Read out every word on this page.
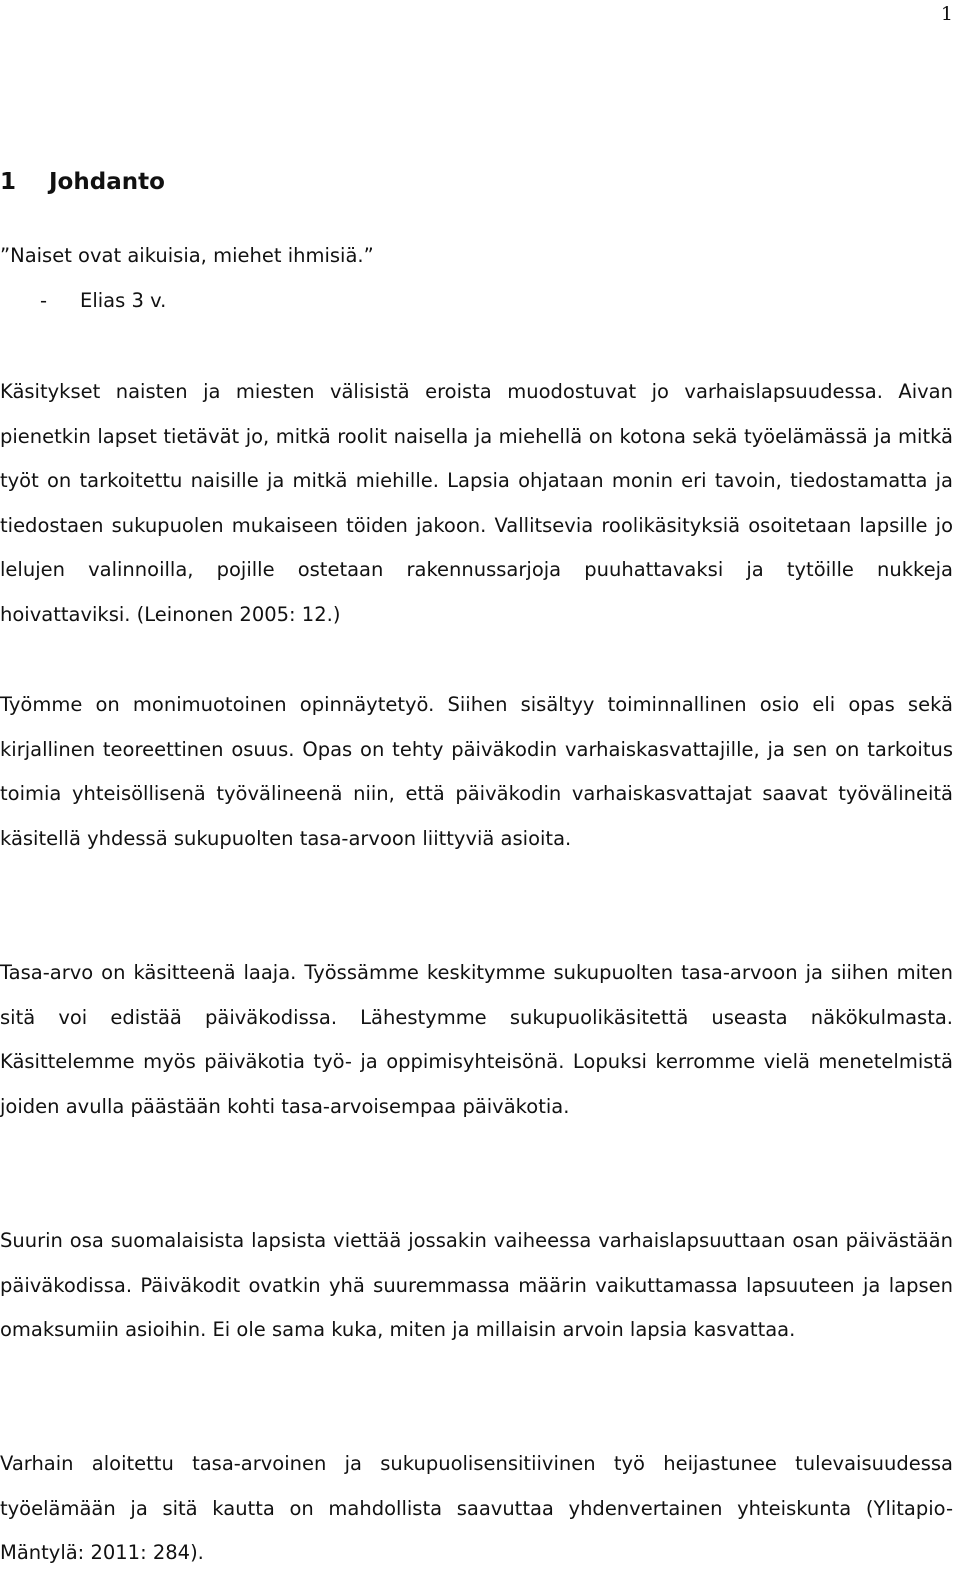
1
1 Johdanto
”Naiset ovat aikuisia, miehet ihmisiä.”
- Elias 3 v.

Käsitykset naisten ja miesten välisistä eroista muodostuvat jo varhaislapsuudessa. Aivan pienetkin lapset tietävät jo, mitkä roolit naisella ja miehellä on kotona sekä työelämässä ja mitkä työt on tarkoitettu naisille ja mitkä miehille. Lapsia ohjataan monin eri tavoin, tiedostamatta ja tiedostaen sukupuolen mukaiseen töiden jakoon. Vallitsevia roolikäsityksiä osoitetaan lapsille jo lelujen valinnoilla, pojille ostetaan rakennussarjoja puuhattavaksi ja tytöille nukkeja hoivattaviksi. (Leinonen 2005: 12.)

Työmme on monimuotoinen opinnäytetyö. Siihen sisältyy toiminnallinen osio eli opas sekä kirjallinen teoreettinen osuus. Opas on tehty päiväkodin varhaiskasvattajille, ja sen on tarkoitus toimia yhteisöllisenä työvälineenä niin, että päiväkodin varhaiskasvattajat saavat työvälineitä käsitellä yhdessä sukupuolten tasa-arvoon liittyviä asioita.

Tasa-arvo on käsitteenä laaja. Työssämme keskitymme sukupuolten tasa-arvoon ja siihen miten sitä voi edistää päiväkodissa. Lähestymme sukupuolikäsitettä useasta näkökulmasta. Käsittelemme myös päiväkotia työ- ja oppimisyhteisönä. Lopuksi kerromme vielä menetelmistä joiden avulla päästään kohti tasa-arvoisempaa päiväkotia.

Suurin osa suomalaisista lapsista viettää jossakin vaiheessa varhaislapsuuttaan osan päivästään päiväkodissa. Päiväkodit ovatkin yhä suuremmassa määrin vaikuttamassa lapsuuteen ja lapsen omaksumiin asioihin. Ei ole sama kuka, miten ja millaisin arvoin lapsia kasvattaa.

Varhain aloitettu tasa-arvoinen ja sukupuolisensitiivinen työ heijastunee tulevaisuudessa työelämään ja sitä kautta on mahdollista saavuttaa yhdenvertainen yhteiskunta (Ylitapio-Mäntylä: 2011: 284).
